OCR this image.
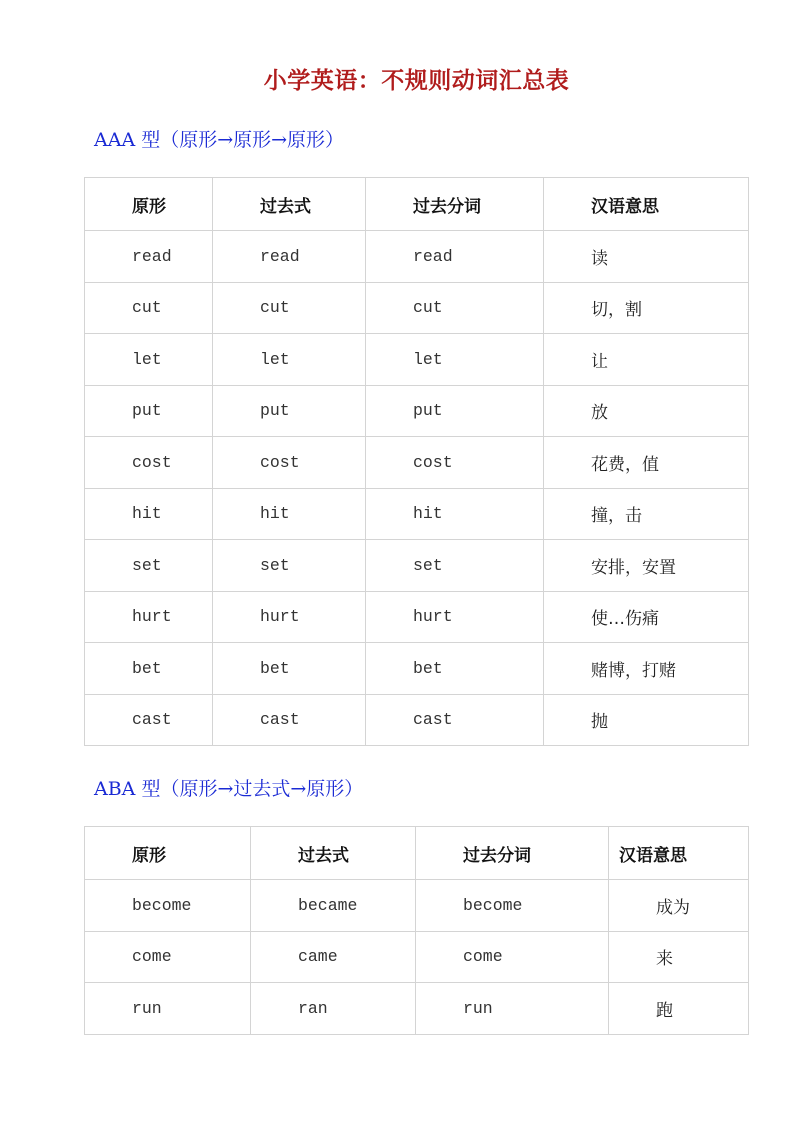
小学英语：不规则动词汇总表
AAA 型（原形→原形→原形）
原形	过去式	过去分词	汉语意思
read	read	read	读
cut	cut	cut	切，割
let	let	let	让
put	put	put	放
cost	cost	cost	花费，值
hit	hit	hit	撞，击
set	set	set	安排，安置
hurt	hurt	hurt	使…伤痛
bet	bet	bet	赌博，打赌
cast	cast	cast	抛
ABA 型（原形→过去式→原形）
原形	过去式	过去分词	汉语意思
become	became	become	成为
come	came	come	来
run	ran	run	跑
